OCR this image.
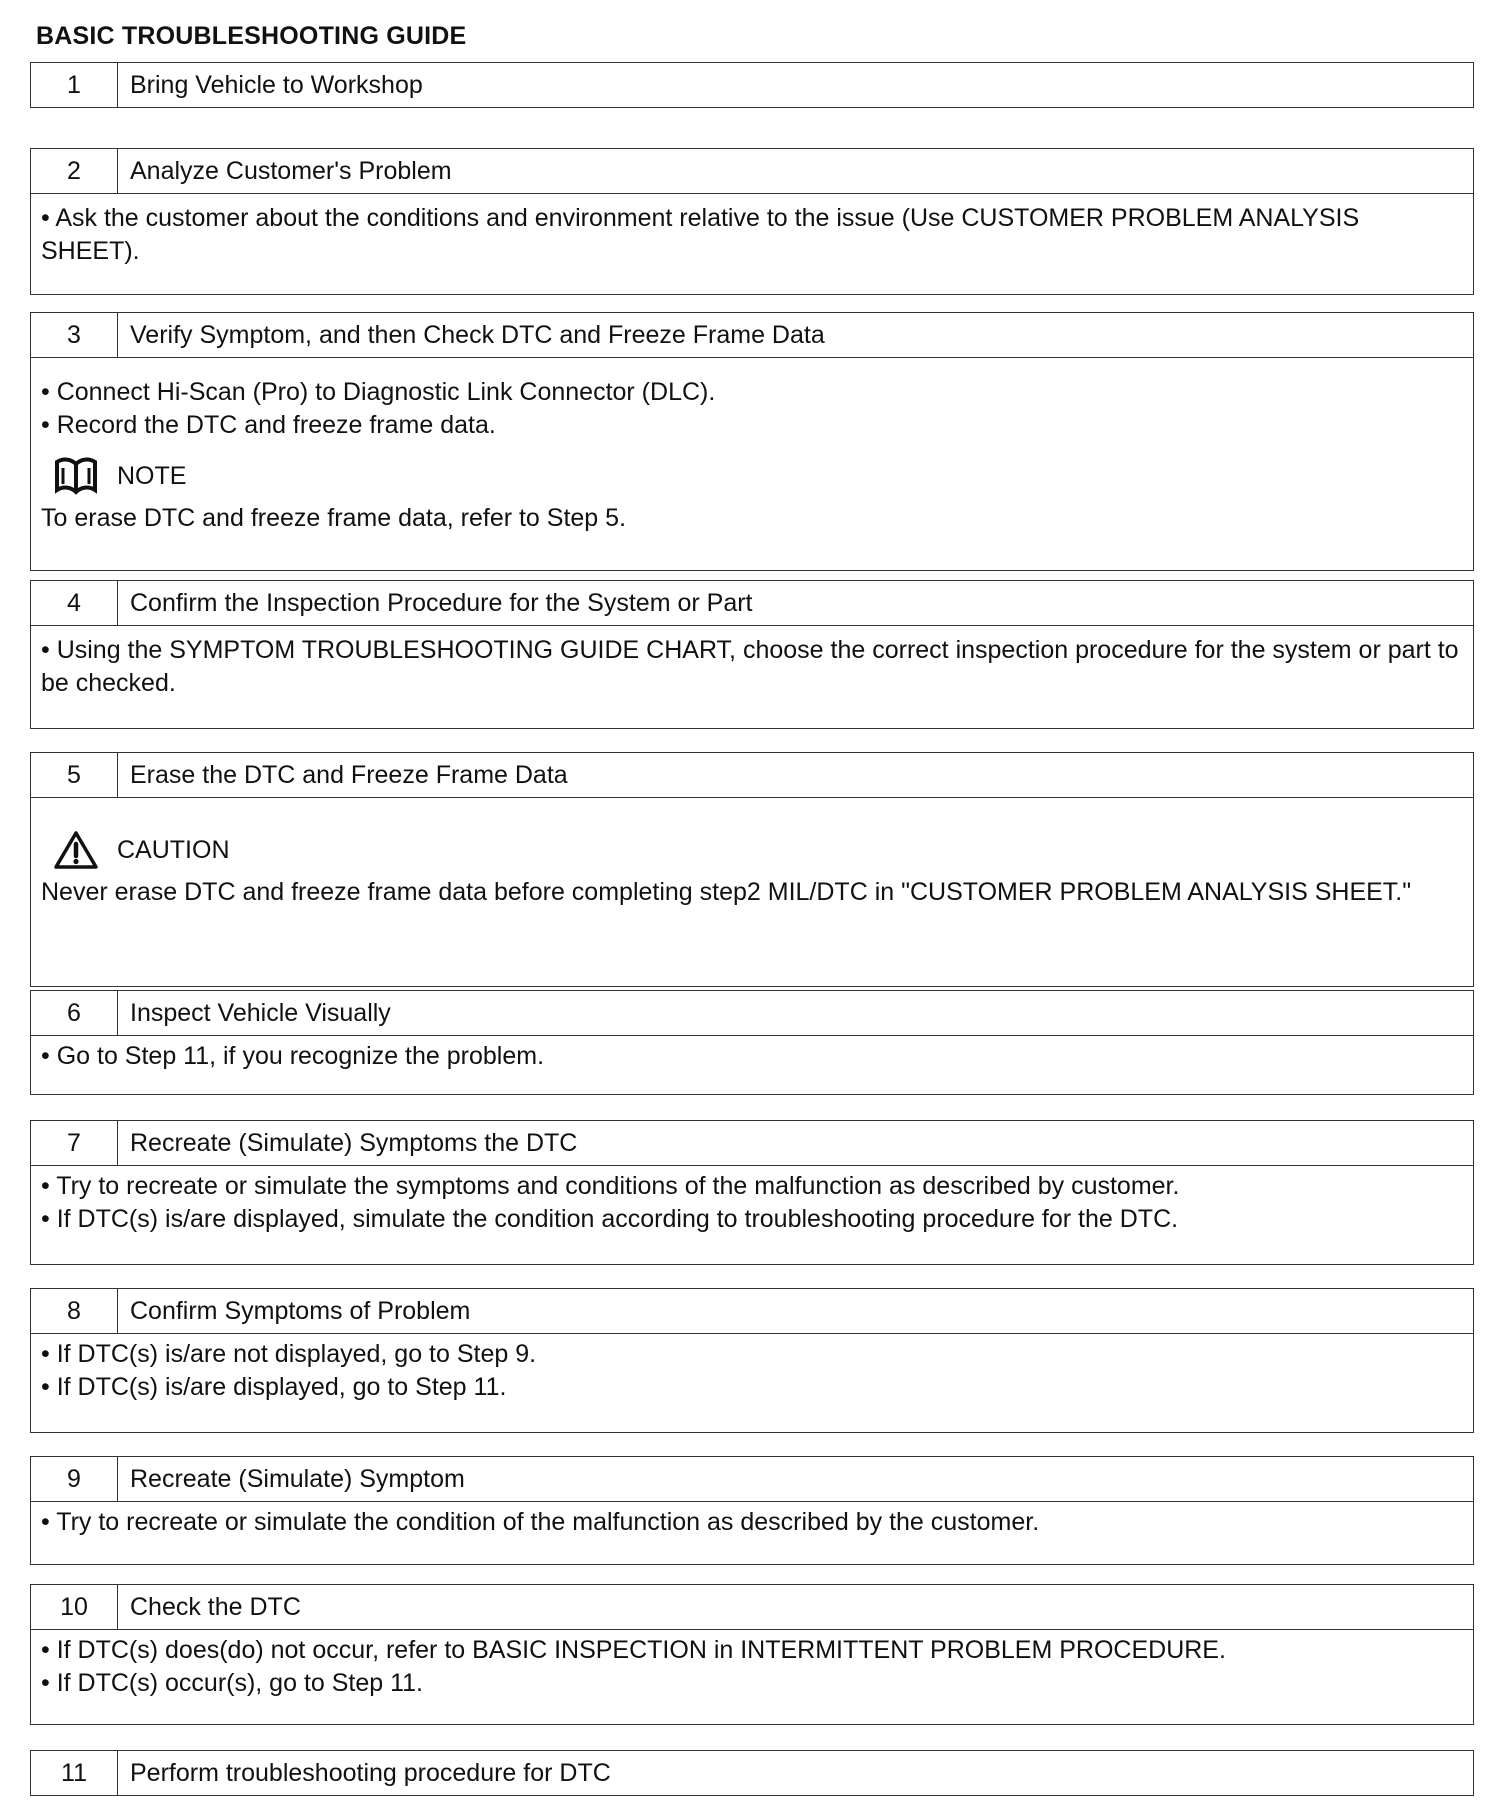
BASIC TROUBLESHOOTING GUIDE
1	Bring Vehicle to Workshop
2	Analyze Customer's Problem
• Ask the customer about the conditions and environment relative to the issue (Use CUSTOMER PROBLEM ANALYSIS SHEET).
3	Verify Symptom, and then Check DTC and Freeze Frame Data
• Connect Hi-Scan (Pro) to Diagnostic Link Connector (DLC).
• Record the DTC and freeze frame data.
NOTE

To erase DTC and freeze frame data, refer to Step 5.

4	Confirm the Inspection Procedure for the System or Part
• Using the SYMPTOM TROUBLESHOOTING GUIDE CHART, choose the correct inspection procedure for the system or part to be checked.
5	Erase the DTC and Freeze Frame Data
CAUTION

Never erase DTC and freeze frame data before completing step2 MIL/DTC in "CUSTOMER PROBLEM ANALYSIS SHEET."

6	Inspect Vehicle Visually
• Go to Step 11, if you recognize the problem.
7	Recreate (Simulate) Symptoms the DTC
• Try to recreate or simulate the symptoms and conditions of the malfunction as described by customer.
• If DTC(s) is/are displayed, simulate the condition according to troubleshooting procedure for the DTC.
8	Confirm Symptoms of Problem
• If DTC(s) is/are not displayed, go to Step 9.
• If DTC(s) is/are displayed, go to Step 11.
9	Recreate (Simulate) Symptom
• Try to recreate or simulate the condition of the malfunction as described by the customer.
10	Check the DTC
• If DTC(s) does(do) not occur, refer to BASIC INSPECTION in INTERMITTENT PROBLEM PROCEDURE.
• If DTC(s) occur(s), go to Step 11.
11	Perform troubleshooting procedure for DTC
